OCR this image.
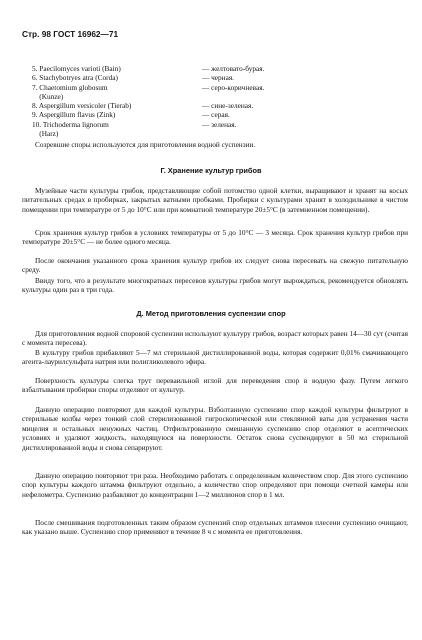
Стр. 98 ГОСТ 16962—71
5. Paecilomyces varioti (Bain)	— желтовато-бурая.
6. Stachybotryes atra (Corda)	— черная.
7. Chaetomium globosum	— серо-коричневая.
(Kunze)
8. Aspergillum versicoler (Tierab)	— сине-зеленая.
9. Aspergillum flavus (Zink)	— серая.
10. Trichoderma lignorum	— зеленая.
(Harz)

Созревшие споры используются для приготовления водной суспензии.

Г. Хранение культур грибов

Музейные части культуры грибов, представляющие собой потомство одной клетки, выращивают и хранят на косых питательных средах в пробирках, закрытых ватными пробками. Пробирки с культурами хранят в холодильнике в чистом помещении при температуре от 5 до 10°С или при комнатной температуре 20±5°С (в затемненном помещении).

Срок хранения культур грибов в условиях температуры от 5 до 10°С — 3 месяца. Срок хранения культур грибов при температуре 20±5°С — не более одного месяца.

После окончания указанного срока хранения культур грибов их следует снова пересевать на свежую питательную среду.

Ввиду того, что в результате многократных пересевов культуры грибов могут вырождаться, рекомендуется обновлять культуры один раз в три года.

Д. Метод приготовления суспензии спор

Для приготовления водной споровой суспензии используют культуру грибов, возраст которых равен 14—30 сут (считая с момента пересева).

В культуру грибов прибавляют 5—7 мл стерильной дистиллированной воды, которая содержит 0,01% смачивающего агента-лаурилсульфата натрия или полигликолевого эфира.

Поверхность культуры слегка трут переваильной иглой для переведения спор в водную фазу. Путем легкого взбалтывания пробирки споры отделяют от культур.

Данную операцию повторяют для каждой культуры. Взболтанную суспензию спор каждой культуры фильтруют в стерильные колбы через тонкий слой стерилизованной гигроскопической или стеклянной ваты для устранения части мицелия и остальных ненужных частиц. Отфильтрованную смешанную суспензию спор отделяют в асептических условиях и удаляют жидкость, находящуюся на поверхности. Остаток снова суспендируют в 50 мл стерильной дистиллированной воды и снова сепарируют.

Данную операцию повторяют три раза. Необходимо работать с определенным количеством спор. Для этого суспензию спор культуры каждого штамма фильтруют отдельно, а количество спор определяют при помощи счетной камеры или нефелометра. Суспензию разбавляют до концентрации 1—2 миллионов спор в 1 мл.

После смешивания подготовленных таким образом суспензий спор отдельных штаммов плесени суспензию очищают, как указано выше. Суспензию спор применяют в течение 8 ч с момента ее приготовления.
